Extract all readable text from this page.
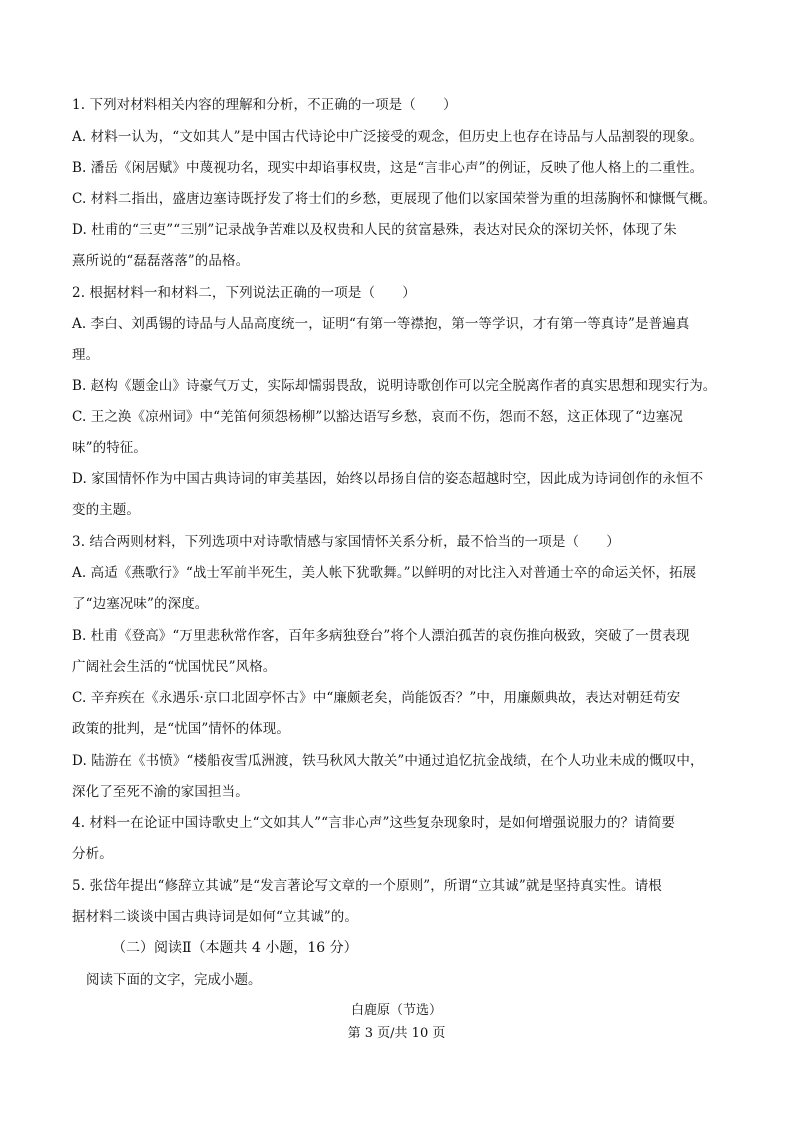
1. 下列对材料相关内容的理解和分析，不正确的一项是（　　）
A. 材料一认为，“文如其人”是中国古代诗论中广泛接受的观念，但历史上也存在诗品与人品割裂的现象。
B. 潘岳《闲居赋》中蔑视功名，现实中却谄事权贵，这是“言非心声”的例证，反映了他人格上的二重性。
C. 材料二指出，盛唐边塞诗既抒发了将士们的乡愁，更展现了他们以家国荣誉为重的坦荡胸怀和慷慨气概。
D. 杜甫的“三吏”“三别”记录战争苦难以及权贵和人民的贫富悬殊，表达对民众的深切关怀，体现了朱
熹所说的“磊磊落落”的品格。
2. 根据材料一和材料二，下列说法正确的一项是（　　）
A. 李白、刘禹锡的诗品与人品高度统一，证明“有第一等襟抱，第一等学识，才有第一等真诗”是普遍真
理。
B. 赵构《题金山》诗豪气万丈，实际却懦弱畏敌，说明诗歌创作可以完全脱离作者的真实思想和现实行为。
C. 王之涣《凉州词》中“羌笛何须怨杨柳”以豁达语写乡愁，哀而不伤，怨而不怒，这正体现了“边塞况
味”的特征。
D. 家国情怀作为中国古典诗词的审美基因，始终以昂扬自信的姿态超越时空，因此成为诗词创作的永恒不
变的主题。
3. 结合两则材料，下列选项中对诗歌情感与家国情怀关系分析，最不恰当的一项是（　　）
A. 高适《燕歌行》“战士军前半死生，美人帐下犹歌舞。”以鲜明的对比注入对普通士卒的命运关怀，拓展
了“边塞况味”的深度。
B. 杜甫《登高》“万里悲秋常作客，百年多病独登台”将个人漂泊孤苦的哀伤推向极致，突破了一贯表现
广阔社会生活的“忧国忧民”风格。
C. 辛弃疾在《永遇乐·京口北固亭怀古》中“廉颇老矣，尚能饭否？”中，用廉颇典故，表达对朝廷苟安
政策的批判，是“忧国”情怀的体现。
D. 陆游在《书愤》“楼船夜雪瓜洲渡，铁马秋风大散关”中通过追忆抗金战绩，在个人功业未成的慨叹中，
深化了至死不渝的家国担当。
4. 材料一在论证中国诗歌史上“文如其人”“言非心声”这些复杂现象时，是如何增强说服力的？请简要
分析。
5. 张岱年提出“修辞立其诚”是“发言著论写文章的一个原则”，所谓“立其诚”就是坚持真实性。请根
据材料二谈谈中国古典诗词是如何“立其诚”的。
（二）阅读Ⅱ（本题共 4 小题，16 分）
阅读下面的文字，完成小题。
白鹿原（节选）
第 3 页/共 10 页
